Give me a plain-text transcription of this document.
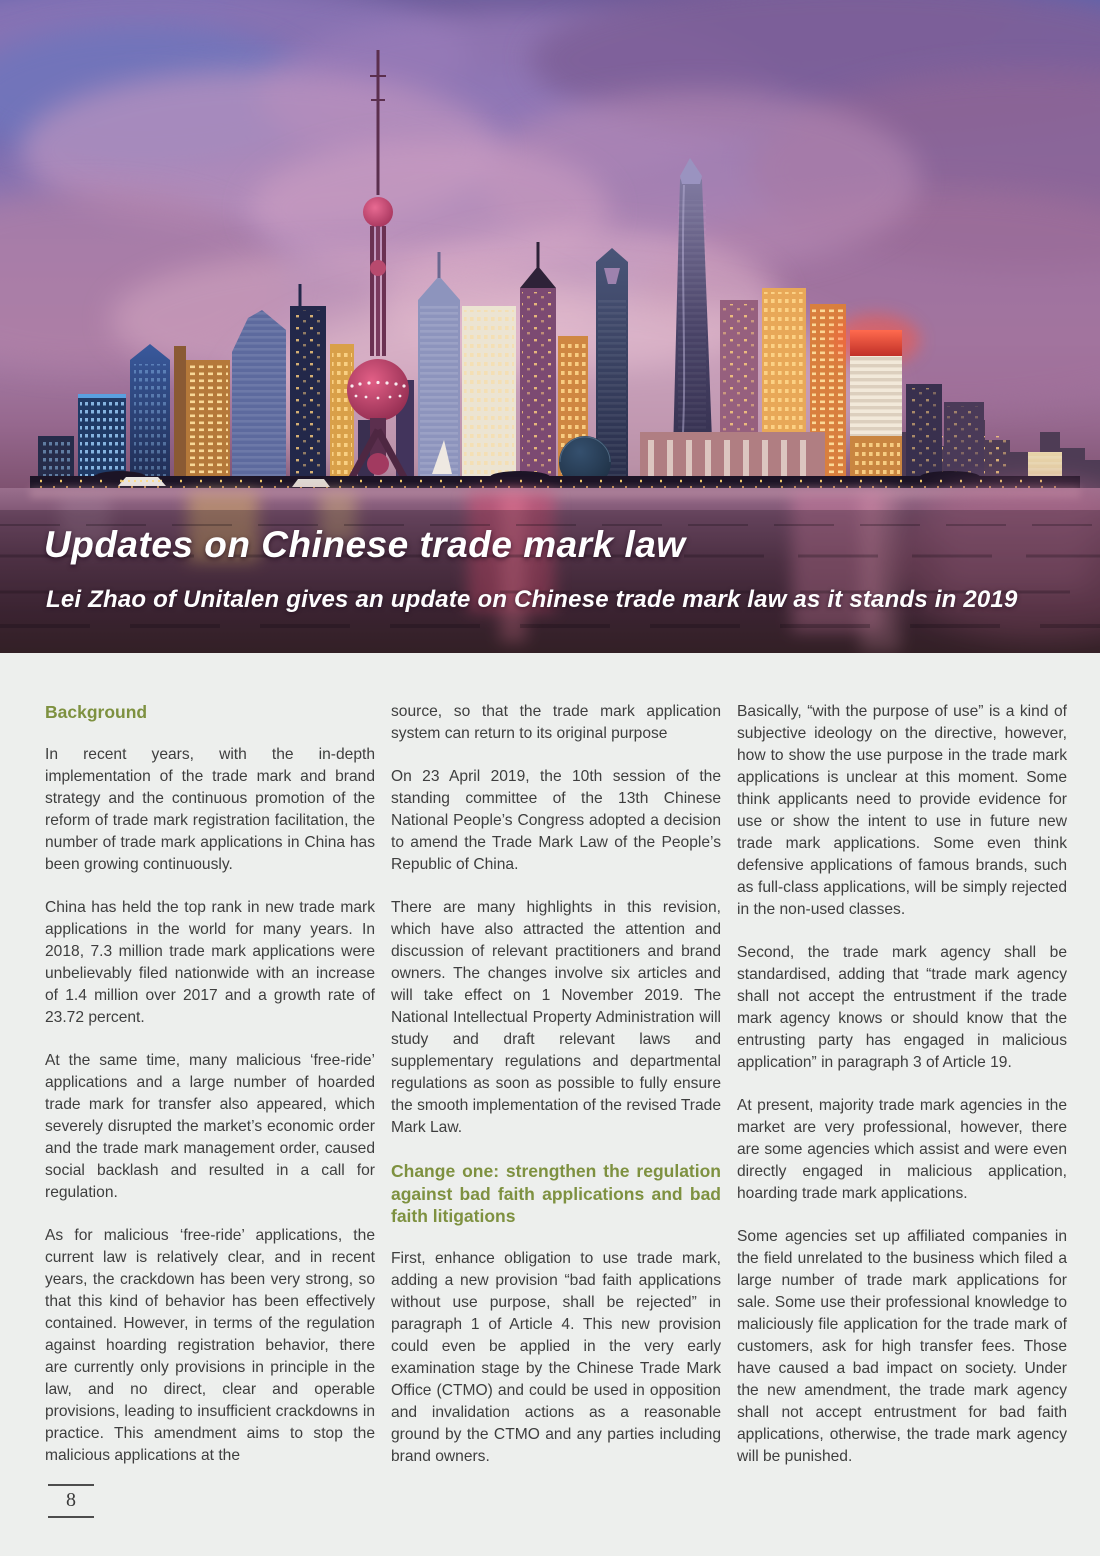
Updates on Chinese trade mark law

Lei Zhao of Unitalen gives an update on Chinese trade mark law as it stands in 2019

Background

In recent years, with the in-depth implementation of the trade mark and brand strategy and the continuous promotion of the reform of trade mark registration facilitation, the number of trade mark applications in China has been growing continuously.

China has held the top rank in new trade mark applications in the world for many years. In 2018, 7.3 million trade mark applications were unbelievably filed nationwide with an increase of 1.4 million over 2017 and a growth rate of 23.72 percent.

At the same time, many malicious ‘free-ride’ applications and a large number of hoarded trade mark for transfer also appeared, which severely disrupted the market’s economic order and the trade mark management order, caused social backlash and resulted in a call for regulation.

As for malicious ‘free-ride’ applications, the current law is relatively clear, and in recent years, the crackdown has been very strong, so that this kind of behavior has been effectively contained. However, in terms of the regulation against hoarding registration behavior, there are currently only provisions in principle in the law, and no direct, clear and operable provisions, leading to insufficient crackdowns in practice. This amendment aims to stop the malicious applications at the

source, so that the trade mark application system can return to its original purpose

On 23 April 2019, the 10th session of the standing committee of the 13th Chinese National People’s Congress adopted a decision to amend the Trade Mark Law of the People’s Republic of China.

There are many highlights in this revision, which have also attracted the attention and discussion of relevant practitioners and brand owners. The changes involve six articles and will take effect on 1 November 2019. The National Intellectual Property Administration will study and draft relevant laws and supplementary regulations and departmental regulations as soon as possible to fully ensure the smooth implementation of the revised Trade Mark Law.

Change one: strengthen the regulation against bad faith applications and bad faith litigations

First, enhance obligation to use trade mark, adding a new provision “bad faith applications without use purpose, shall be rejected” in paragraph 1 of Article 4. This new provision could even be applied in the very early examination stage by the Chinese Trade Mark Office (CTMO) and could be used in opposition and invalidation actions as a reasonable ground by the CTMO and any parties including brand owners.

Basically, “with the purpose of use” is a kind of subjective ideology on the directive, however, how to show the use purpose in the trade mark applications is unclear at this moment. Some think applicants need to provide evidence for use or show the intent to use in future new trade mark applications. Some even think defensive applications of famous brands, such as full-class applications, will be simply rejected in the non-used classes.

Second, the trade mark agency shall be standardised, adding that “trade mark agency shall not accept the entrustment if the trade mark agency knows or should know that the entrusting party has engaged in malicious application” in paragraph 3 of Article 19.

At present, majority trade mark agencies in the market are very professional, however, there are some agencies which assist and were even directly engaged in malicious application, hoarding trade mark applications.

Some agencies set up affiliated companies in the field unrelated to the business which filed a large number of trade mark applications for sale. Some use their professional knowledge to maliciously file application for the trade mark of customers, ask for high transfer fees. Those have caused a bad impact on society. Under the new amendment, the trade mark agency shall not accept entrustment for bad faith applications, otherwise, the trade mark agency will be punished.

8
